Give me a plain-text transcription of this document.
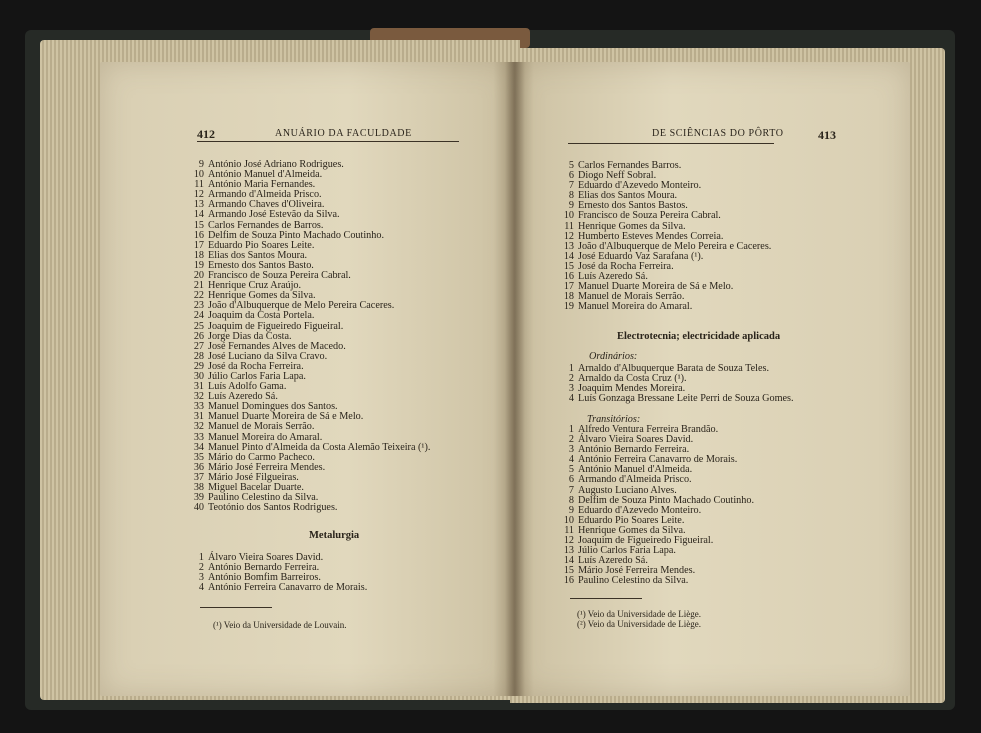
412	ANUÁRIO DA FACULDADE
9 António José Adriano Rodrigues.
10 António Manuel d'Almeida.
11 António Maria Fernandes.
12 Armando d'Almeida Prisco.
13 Armando Chaves d'Oliveira.
14 Armando José Estevão da Silva.
15 Carlos Fernandes de Barros.
16 Delfim de Souza Pinto Machado Coutinho.
17 Eduardo Pio Soares Leite.
18 Elias dos Santos Moura.
19 Ernesto dos Santos Basto.
20 Francisco de Souza Pereira Cabral.
21 Henrique Cruz Araújo.
22 Henrique Gomes da Silva.
23 João d'Albuquerque de Melo Pereira Caceres.
24 Joaquim da Costa Portela.
25 Joaquim de Figueiredo Figueiral.
26 Jorge Dias da Costa.
27 José Fernandes Alves de Macedo.
28 José Luciano da Silva Cravo.
29 José da Rocha Ferreira.
30 Júlio Carlos Faria Lapa.
31 Luís Adolfo Gama.
32 Luís Azeredo Sá.
33 Manuel Domingues dos Santos.
31 Manuel Duarte Moreira de Sá e Melo.
32 Manuel de Morais Serrão.
33 Manuel Moreira do Amaral.
34 Manuel Pinto d'Almeida da Costa Alemão Teixeira (¹).
35 Mário do Carmo Pacheco.
36 Mário José Ferreira Mendes.
37 Mário José Filgueiras.
38 Miguel Bacelar Duarte.
39 Paulino Celestino da Silva.
40 Teotónio dos Santos Rodrigues.
Metalurgia
1 Álvaro Vieira Soares David.
2 António Bernardo Ferreira.
3 António Bomfim Barreiros.
4 António Ferreira Canavarro de Morais.
(¹) Veio da Universidade de Louvain.
DE SCIÊNCIAS DO PÔRTO	413
5 Carlos Fernandes Barros.
6 Diogo Neff Sobral.
7 Eduardo d'Azevedo Monteiro.
8 Elias dos Santos Moura.
9 Ernesto dos Santos Bastos.
10 Francisco de Souza Pereira Cabral.
11 Henrique Gomes da Silva.
12 Humberto Esteves Mendes Correia.
13 João d'Albuquerque de Melo Pereira e Caceres.
14 José Eduardo Vaz Sarafana (¹).
15 José da Rocha Ferreira.
16 Luís Azeredo Sá.
17 Manuel Duarte Moreira de Sá e Melo.
18 Manuel de Morais Serrão.
19 Manuel Moreira do Amaral.
Electrotecnia; electricidade aplicada
Ordinários:
1 Arnaldo d'Albuquerque Barata de Souza Teles.
2 Arnaldo da Costa Cruz (¹).
3 Joaquim Mendes Moreira.
4 Luís Gonzaga Bressane Leite Perri de Souza Gomes.
Transitórios:
1 Alfredo Ventura Ferreira Brandão.
2 Álvaro Vieira Soares David.
3 António Bernardo Ferreira.
4 António Ferreira Canavarro de Morais.
5 António Manuel d'Almeida.
6 Armando d'Almeida Prisco.
7 Augusto Luciano Alves.
8 Delfim de Souza Pinto Machado Coutinho.
9 Eduardo d'Azevedo Monteiro.
10 Eduardo Pio Soares Leite.
11 Henrique Gomes da Silva.
12 Joaquim de Figueiredo Figueiral.
13 Júlio Carlos Faria Lapa.
14 Luís Azeredo Sá.
15 Mário José Ferreira Mendes.
16 Paulino Celestino da Silva.
(¹) Veio da Universidade de Liège.
(²) Veio da Universidade de Liège.
